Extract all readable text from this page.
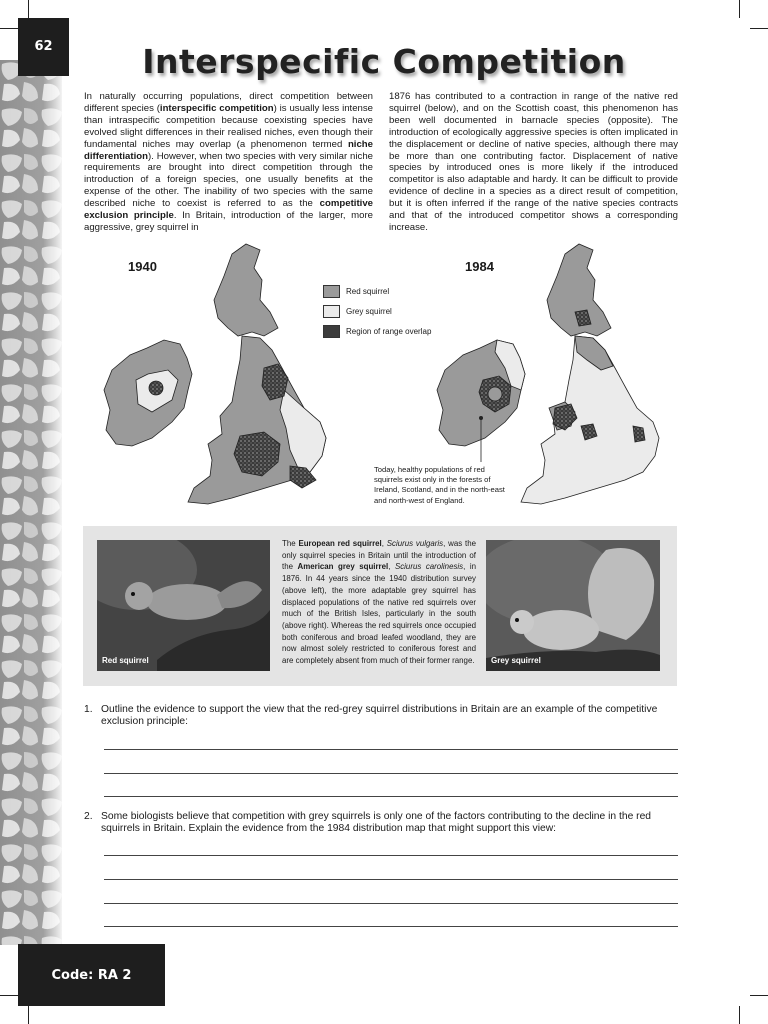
62	Interspecific Competition

In naturally occurring populations, direct competition between different species (interspecific competition) is usually less intense than intraspecific competition because coexisting species have evolved slight differences in their realised niches, even though their fundamental niches may overlap (a phenomenon termed niche differentiation). However, when two species with very similar niche requirements are brought into direct competition through the introduction of a foreign species, one usually benefits at the expense of the other. The inability of two species with the same described niche to coexist is referred to as the competitive exclusion principle. In Britain, introduction of the larger, more aggressive, grey squirrel in

1876 has contributed to a contraction in range of the native red squirrel (below), and on the Scottish coast, this phenomenon has been well documented in barnacle species (opposite). The introduction of ecologically aggressive species is often implicated in the displacement or decline of native species, although there may be more than one contributing factor. Displacement of native species by introduced ones is more likely if the introduced competitor is also adaptable and hardy. It can be difficult to provide evidence of decline in a species as a direct result of competition, but it is often inferred if the range of the native species contracts and that of the introduced competitor shows a corresponding increase.

1940	1984
Red squirrel
Grey squirrel
Region of range overlap
Today, healthy populations of red squirrels exist only in the forests of Ireland, Scotland, and in the north-east and north-west of England.
Red squirrel	Grey squirrel

The European red squirrel, Sciurus vulgaris, was the only squirrel species in Britain until the introduction of the American grey squirrel, Sciurus carolinesis, in 1876. In 44 years since the 1940 distribution survey (above left), the more adaptable grey squirrel has displaced populations of the native red squirrels over much of the British Isles, particularly in the south (above right). Whereas the red squirrels once occupied both coniferous and broad leafed woodland, they are now almost solely restricted to coniferous forest and are completely absent from much of their former range.

1. Outline the evidence to support the view that the red-grey squirrel distributions in Britain are an example of the competitive exclusion principle:
2. Some biologists believe that competition with grey squirrels is only one of the factors contributing to the decline in the red squirrels in Britain. Explain the evidence from the 1984 distribution map that might support this view:
Code: RA 2
